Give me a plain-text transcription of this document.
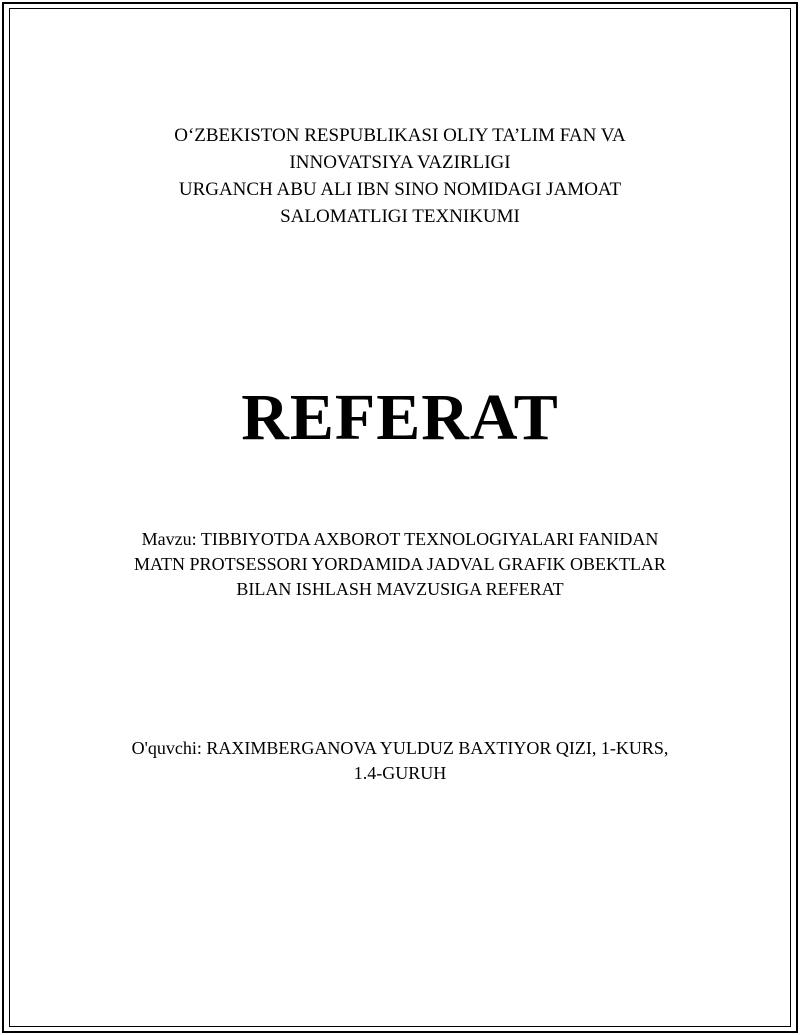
O‘ZBEKISTON RESPUBLIKASI OLIY TA’LIM FAN VA
INNOVATSIYA VAZIRLIGI
URGANCH ABU ALI IBN SINO NOMIDAGI JAMOAT
SALOMATLIGI TEXNIKUMI
REFERAT
Mavzu: TIBBIYOTDA AXBOROT TEXNOLOGIYALARI FANIDAN
MATN PROTSESSORI YORDAMIDA JADVAL GRAFIK OBEKTLAR
BILAN ISHLASH MAVZUSIGA REFERAT
O'quvchi: RAXIMBERGANOVA YULDUZ BAXTIYOR QIZI, 1-KURS,
1.4-GURUH
